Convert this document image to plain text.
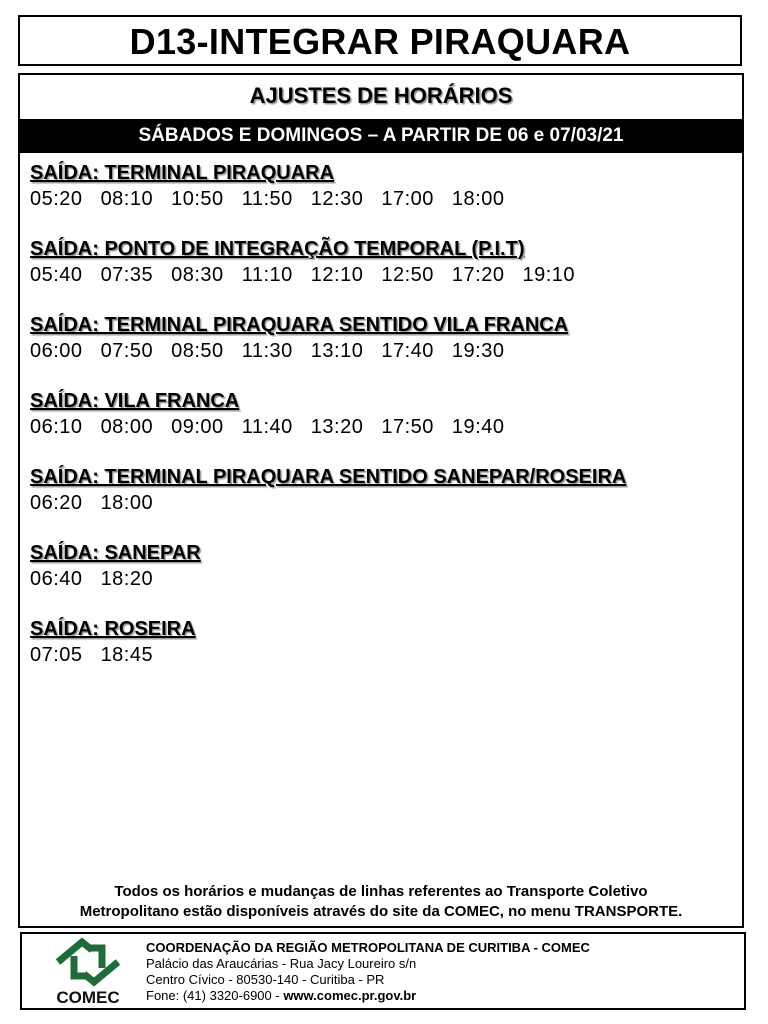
D13-INTEGRAR PIRAQUARA
AJUSTES DE HORÁRIOS
SÁBADOS E DOMINGOS – A PARTIR DE 06 e 07/03/21
SAÍDA: TERMINAL PIRAQUARA
05:20 08:10 10:50 11:50 12:30 17:00 18:00
SAÍDA: PONTO DE INTEGRAÇÃO TEMPORAL (P.I.T)
05:40 07:35 08:30 11:10 12:10 12:50 17:20 19:10
SAÍDA: TERMINAL PIRAQUARA SENTIDO VILA FRANCA
06:00 07:50 08:50 11:30 13:10 17:40 19:30
SAÍDA: VILA FRANCA
06:10 08:00 09:00 11:40 13:20 17:50 19:40
SAÍDA: TERMINAL PIRAQUARA SENTIDO SANEPAR/ROSEIRA
06:20 18:00
SAÍDA: SANEPAR
06:40 18:20
SAÍDA: ROSEIRA
07:05 18:45
Todos os horários e mudanças de linhas referentes ao Transporte Coletivo
Metropolitano estão disponíveis através do site da COMEC, no menu TRANSPORTE.
COMEC
COORDENAÇÃO DA REGIÃO METROPOLITANA DE CURITIBA - COMEC
Palácio das Araucárias - Rua Jacy Loureiro s/n
Centro Cívico - 80530-140 - Curitiba - PR
Fone: (41) 3320-6900 - www.comec.pr.gov.br
